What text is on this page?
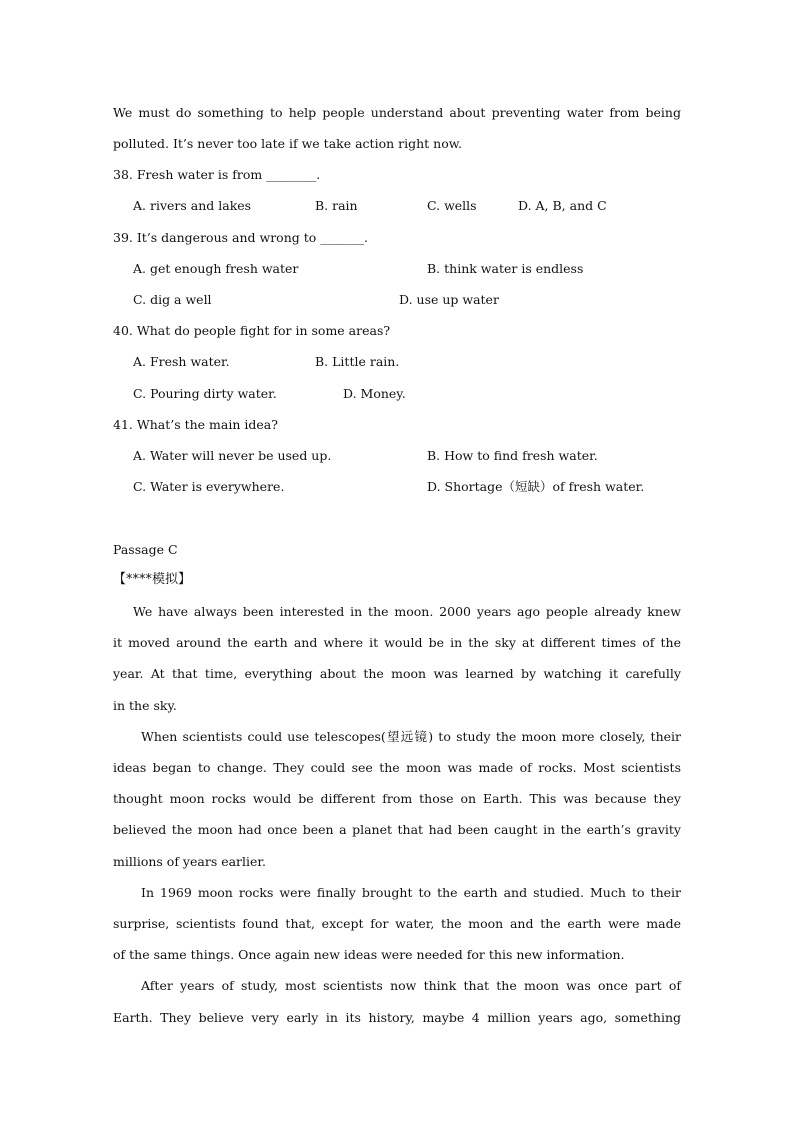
We must do something to help people understand about preventing water from being
polluted. It’s never too late if we take action right now.
38. Fresh water is from ________.
A. rivers and lakes	B. rain	C. wells	D. A, B, and C
39. It’s dangerous and wrong to _______.
A. get enough fresh water	B. think water is endless
C. dig a well	D. use up water
40. What do people fight for in some areas?
A. Fresh water.	B. Little rain.
C. Pouring dirty water.	D. Money.
41. What’s the main idea?
A. Water will never be used up.	B. How to find fresh water.
C. Water is everywhere.	D. Shortage（短缺）of fresh water.
Passage C
【****模拟】
We have always been interested in the moon. 2000 years ago people already knew
it moved around the earth and where it would be in the sky at different times of the
year. At that time, everything about the moon was learned by watching it carefully
in the sky.
When scientists could use telescopes(望远镜) to study the moon more closely, their
ideas began to change. They could see the moon was made of rocks. Most scientists
thought moon rocks would be different from those on Earth. This was because they
believed the moon had once been a planet that had been caught in the earth’s gravity
millions of years earlier.
In 1969 moon rocks were finally brought to the earth and studied. Much to their
surprise, scientists found that, except for water, the moon and the earth were made
of the same things. Once again new ideas were needed for this new information.
After years of study, most scientists now think that the moon was once part of
Earth. They believe very early in its history, maybe 4 million years ago, something
